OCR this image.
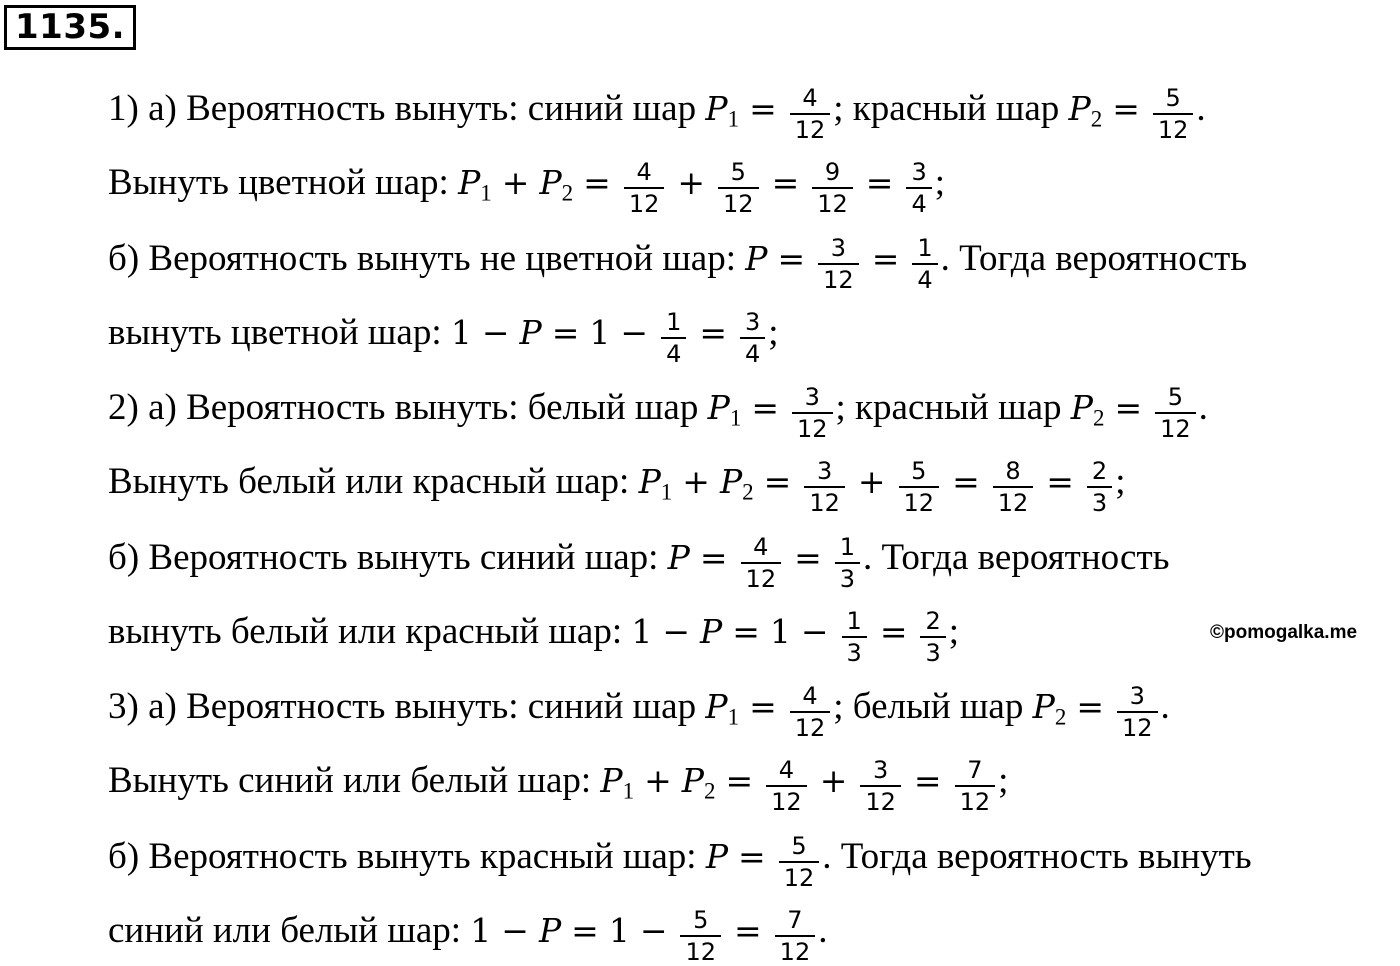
1135.
1) а) Вероятность вынуть: синий шар $P_1 = \frac{4}{12}$ ; красный шар $P_2 = \frac{5}{12}$ .
Вынуть цветной шар: $P_1 + P_2 = \frac{4}{12} + \frac{5}{12} = \frac{9}{12} = \frac{3}{4}$ ;
б) Вероятность вынуть не цветной шар: $P = \frac{3}{12} = \frac{1}{4}$ . Тогда вероятность
вынуть цветной шар: $1 - P = 1 - \frac{1}{4} = \frac{3}{4}$ ;
2) а) Вероятность вынуть: белый шар $P_1 = \frac{3}{12}$ ; красный шар $P_2 = \frac{5}{12}$ .
Вынуть белый или красный шар: $P_1 + P_2 = \frac{3}{12} + \frac{5}{12} = \frac{8}{12} = \frac{2}{3}$ ;
б) Вероятность вынуть синий шар: $P = \frac{4}{12} = \frac{1}{3}$ . Тогда вероятность
вынуть белый или красный шар: $1 - P = 1 - \frac{1}{3} = \frac{2}{3}$ ;
3) а) Вероятность вынуть: синий шар $P_1 = \frac{4}{12}$ ; белый шар $P_2 = \frac{3}{12}$ .
Вынуть синий или белый шар: $P_1 + P_2 = \frac{4}{12} + \frac{3}{12} = \frac{7}{12}$ ;
б) Вероятность вынуть красный шар: $P = \frac{5}{12}$ . Тогда вероятность вынуть
синий или белый шар: $1 - P = 1 - \frac{5}{12} = \frac{7}{12}$ .
©pomogalka.me
